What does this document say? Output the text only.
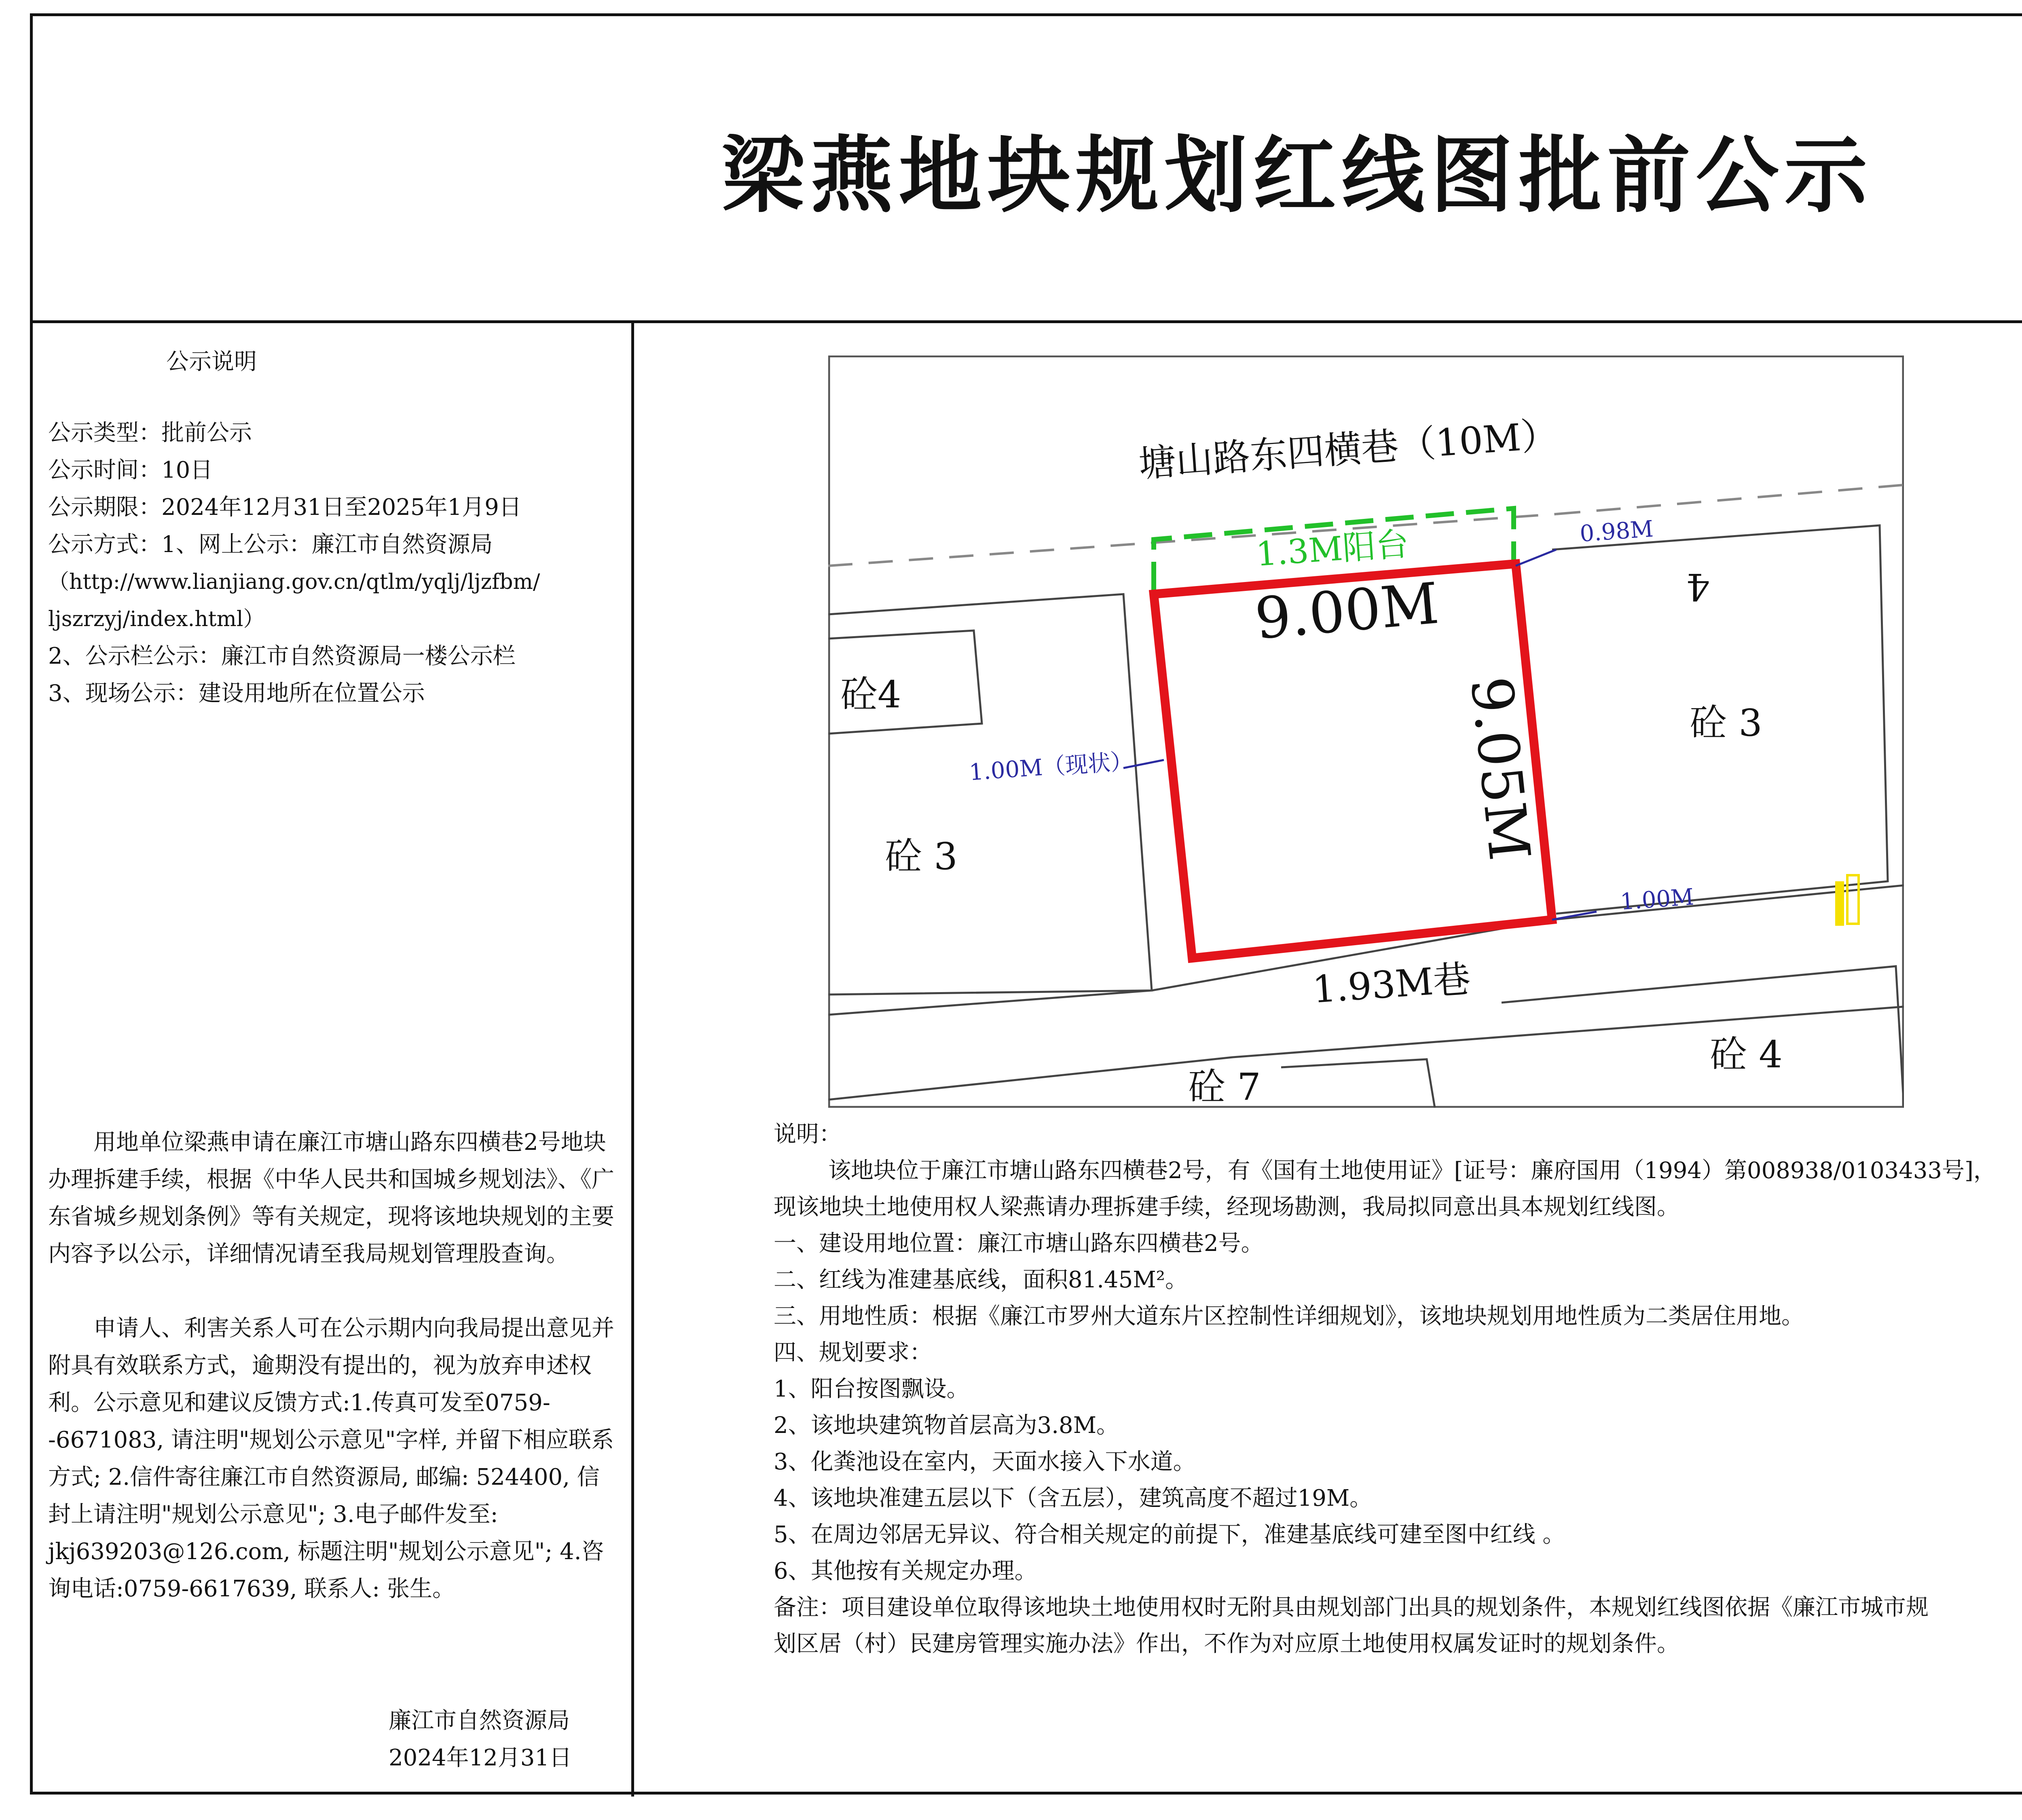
梁燕地块规划红线图批前公示
公示说明
公示类型：批前公示
公示时间：10日
公示期限：2024年12月31日至2025年1月9日
公示方式：1、网上公示：廉江市自然资源局
（http://www.lianjiang.gov.cn/qtlm/yqlj/ljzfbm/
ljszrzyj/index.html）
2、公示栏公示：廉江市自然资源局一楼公示栏
3、现场公示：建设用地所在位置公示
用地单位梁燕申请在廉江市塘山路东四横巷2号地块办理拆建手续，根据《中华人民共和国城乡规划法》、《广东省城乡规划条例》等有关规定，现将该地块规划的主要内容予以公示，详细情况请至我局规划管理股查询。
申请人、利害关系人可在公示期内向我局提出意见并附具有效联系方式，逾期没有提出的，视为放弃申述权利。公示意见和建议反馈方式:1.传真可发至0759--6671083, 请注明"规划公示意见"字样, 并留下相应联系方式; 2.信件寄往廉江市自然资源局, 邮编: 524400, 信封上请注明"规划公示意见"; 3.电子邮件发至: jkj639203@126.com, 标题注明"规划公示意见"; 4.咨询电话:0759-6617639, 联系人: 张生。
廉江市自然资源局
2024年12月31日
塘山路东四横巷（10M）
1.3M阳台	0.98M
1.00M（现状）
1.00M
9.00M
9.05M
1.93M巷
砼4
砼 3
砼 3
4
砼 7
砼 4
说明：
该地块位于廉江市塘山路东四横巷2号，有《国有土地使用证》[证号：廉府国用（1994）第008938/0103433号]，
现该地块土地使用权人梁燕请办理拆建手续，经现场勘测，我局拟同意出具本规划红线图。
一、建设用地位置：廉江市塘山路东四横巷2号。
二、红线为准建基底线，面积81.45M²。
三、用地性质：根据《廉江市罗州大道东片区控制性详细规划》，该地块规划用地性质为二类居住用地。
四、规划要求：
1、阳台按图飘设。
2、该地块建筑物首层高为3.8M。
3、化粪池设在室内，天面水接入下水道。
4、该地块准建五层以下（含五层），建筑高度不超过19M。
5、在周边邻居无异议、符合相关规定的前提下，准建基底线可建至图中红线 。
6、其他按有关规定办理。
备注：项目建设单位取得该地块土地使用权时无附具由规划部门出具的规划条件，本规划红线图依据《廉江市城市规
划区居（村）民建房管理实施办法》作出，不作为对应原土地使用权属发证时的规划条件。
